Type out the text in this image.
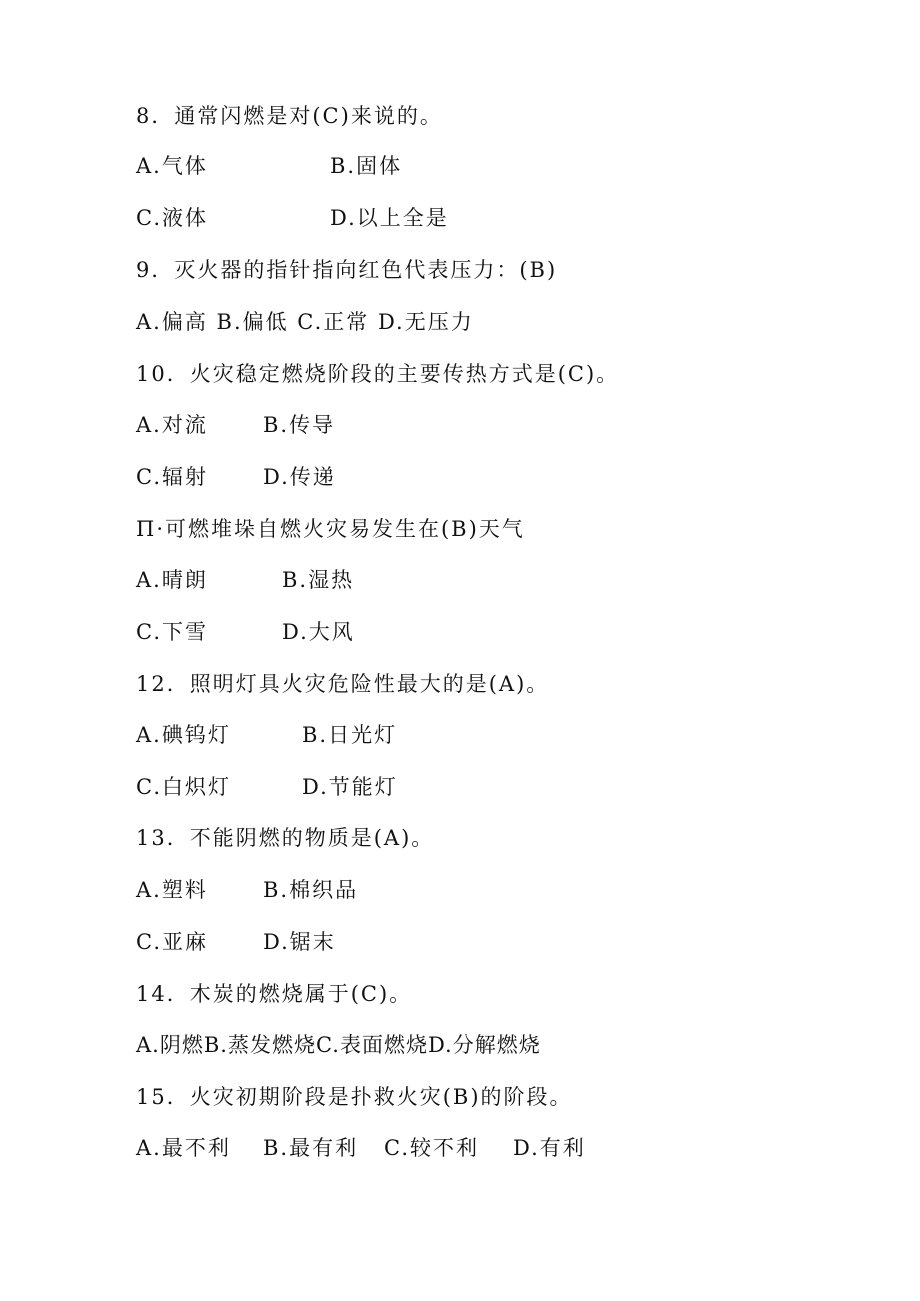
8．通常闪燃是对(C)来说的。
A.气体	B.固体
C.液体	D.以上全是
9．灭火器的指针指向红色代表压力：(B)
A.偏高 B.偏低 C.正常 D.无压力
10．火灾稳定燃烧阶段的主要传热方式是(C)。
A.对流	B.传导
C.辐射	D.传递
Π·可燃堆垛自燃火灾易发生在(B)天气
A.晴朗	B.湿热
C.下雪	D.大风
12．照明灯具火灾危险性最大的是(A)。
A.碘钨灯	B.日光灯
C.白炽灯	D.节能灯
13．不能阴燃的物质是(A)。
A.塑料	B.棉织品
C.亚麻	D.锯末
14．木炭的燃烧属于(C)。
A.阴燃B.蒸发燃烧C.表面燃烧D.分解燃烧
15．火灾初期阶段是扑救火灾(B)的阶段。
A.最不利 B.最有利 C.较不利 D.有利
